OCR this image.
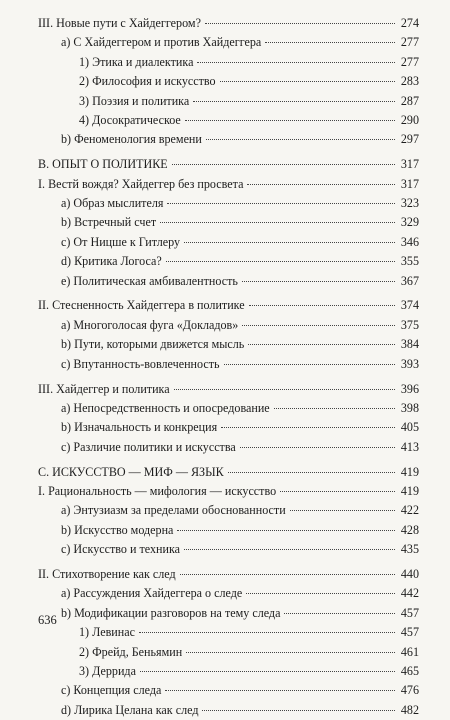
III. Новые пути с Хайдеггером?	274
a) С Хайдеггером и против Хайдеггера	277
1) Этика и диалектика	277
2) Философия и искусство	283
3) Поэзия и политика	287
4) Досократическое	290
b) Феноменология времени	297
B. ОПЫТ О ПОЛИТИКЕ	317
I. Вестй вождя? Хайдеггер без просвета	317
a) Образ мыслителя	323
b) Встречный счет	329
c) От Ницше к Гитлеру	346
d) Критика Логоса?	355
e) Политическая амбивалентность	367
II. Стесненность Хайдеггера в политике	374
a) Многоголосая фуга «Докладов»	375
b) Пути, которыми движется мысль	384
c) Впутанность-вовлеченность	393
III. Хайдеггер и политика	396
a) Непосредственность и опосредование	398
b) Изначальность и конкреция	405
c) Различие политики и искусства	413
C. ИСКУССТВО — МИФ — ЯЗЫК	419
I. Рациональность — мифология — искусство	419
a) Энтузиазм за пределами обоснованности	422
b) Искусство модерна	428
c) Искусство и техника	435
II. Стихотворение как след	440
a) Рассуждения Хайдеггера о следе	442
b) Модификации разговоров на тему следа	457
1) Левинас	457
2) Фрейд, Беньямин	461
3) Деррида	465
c) Концепция следа	476
d) Лирика Целана как след	482
636
